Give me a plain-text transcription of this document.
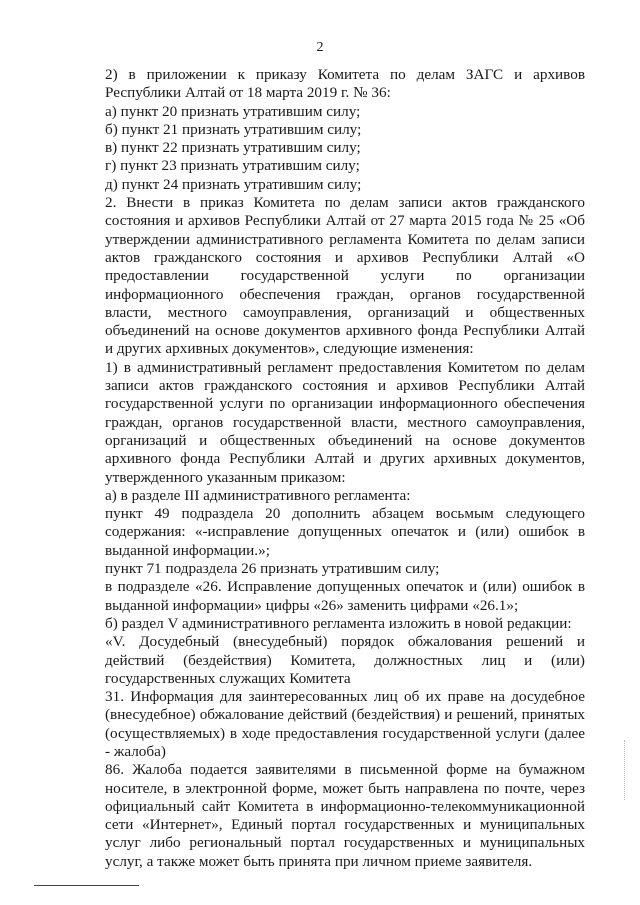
2

2) в приложении к приказу Комитета по делам ЗАГС и архивов Республики Алтай от 18 марта 2019 г. № 36:

а) пункт 20 признать утратившим силу;

б) пункт 21 признать утратившим силу;

в) пункт 22 признать утратившим силу;

г) пункт 23 признать утратившим силу;

д) пункт 24 признать утратившим силу;

2. Внести в приказ Комитета по делам записи актов гражданского состояния и архивов Республики Алтай от 27 марта 2015 года № 25 «Об утверждении административного регламента Комитета по делам записи актов гражданского состояния и архивов Республики Алтай «О предоставлении государственной услуги по организации информационного обеспечения граждан, органов государственной власти, местного самоуправления, организаций и общественных объединений на основе документов архивного фонда Республики Алтай и других архивных документов», следующие изменения:

1) в административный регламент предоставления Комитетом по делам записи актов гражданского состояния и архивов Республики Алтай государственной услуги по организации информационного обеспечения граждан, органов государственной власти, местного самоуправления, организаций и общественных объединений на основе документов архивного фонда Республики Алтай и других архивных документов, утвержденного указанным приказом:

а) в разделе III административного регламента:

пункт 49 подраздела 20 дополнить абзацем восьмым следующего содержания: «-исправление допущенных опечаток и (или) ошибок в выданной информации.»;

пункт 71 подраздела 26 признать утратившим силу;

в подразделе «26. Исправление допущенных опечаток и (или) ошибок в выданной информации» цифры «26» заменить цифрами «26.1»;

б) раздел V административного регламента изложить в новой редакции:

«V. Досудебный (внесудебный) порядок обжалования решений и действий (бездействия) Комитета, должностных лиц и (или) государственных служащих Комитета

31. Информация для заинтересованных лиц об их праве на досудебное (внесудебное) обжалование действий (бездействия) и решений, принятых (осуществляемых) в ходе предоставления государственной услуги (далее - жалоба)

86. Жалоба подается заявителями в письменной форме на бумажном носителе, в электронной форме, может быть направлена по почте, через официальный сайт Комитета в информационно-телекоммуникационной сети «Интернет», Единый портал государственных и муниципальных услуг либо региональный портал государственных и муниципальных услуг, а также может быть принята при личном приеме заявителя.
